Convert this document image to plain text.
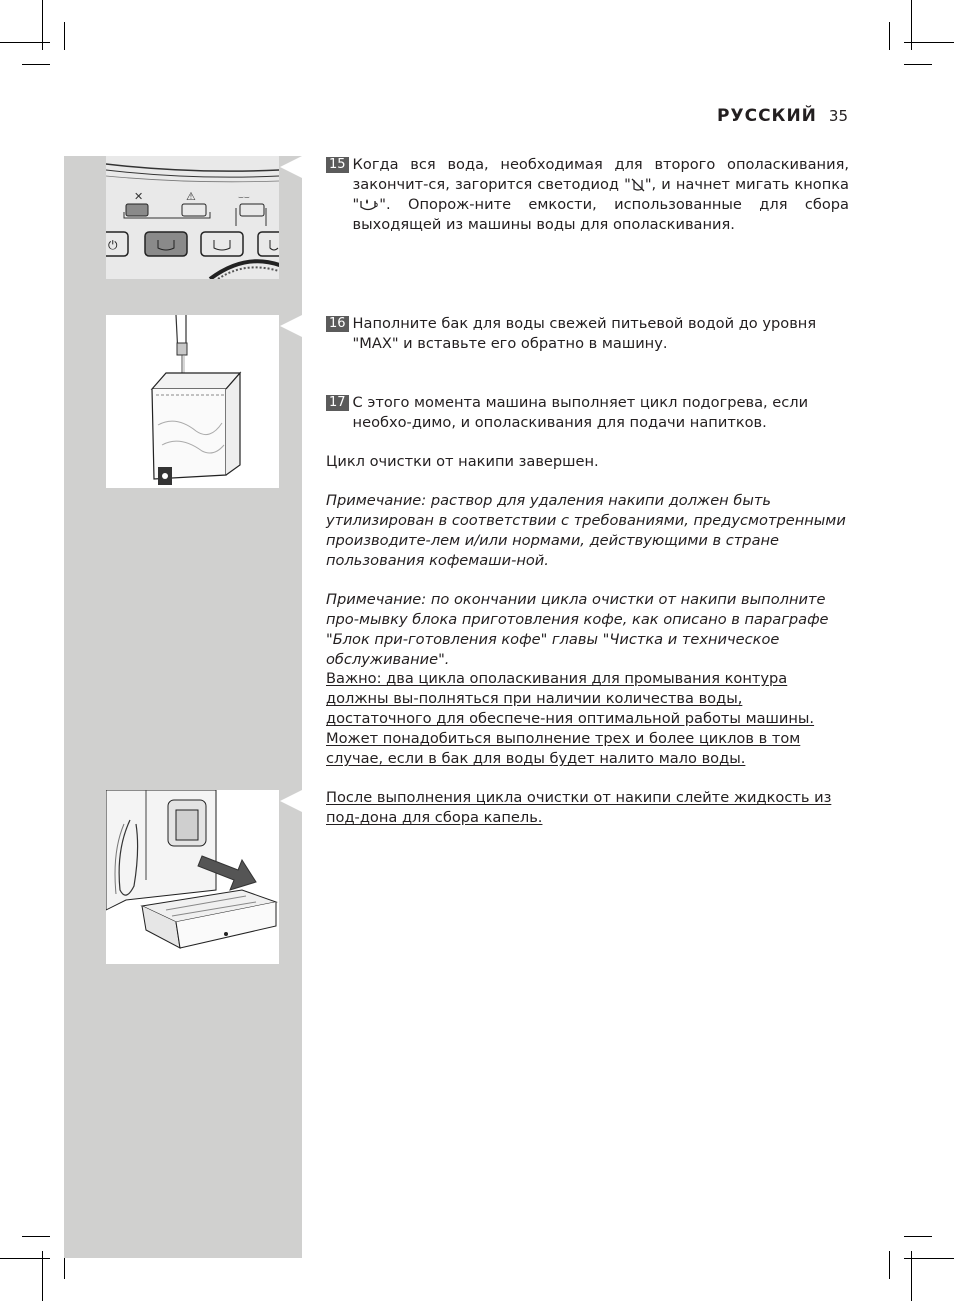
РУССКИЙ 35
✕	⚠	⌣⌣
⏻
15 Когда вся вода, необходимая для второго ополаскивания, закончит-ся, загорится светодиод " ", и начнет мигать кнопка " ". Опорож-ните емкости, использованные для сбора выходящей из машины воды для ополаскивания.
16 Наполните бак для воды свежей питьевой водой до уровня "MAX" и вставьте его обратно в машину.
17 С этого момента машина выполняет цикл подогрева, если необхо-димо, и ополаскивания для подачи напитков.
Цикл очистки от накипи завершен.
Примечание: раствор для удаления накипи должен быть утилизирован в соответствии с требованиями, предусмотренными производите-лем и/или нормами, действующими в стране пользования кофемаши-ной.
Примечание: по окончании цикла очистки от накипи выполните про-мывку блока приготовления кофе, как описано в параграфе "Блок при-готовления кофе" главы "Чистка и техническое обслуживание".
Важно: два цикла ополаскивания для промывания контура должны вы-полняться при наличии количества воды, достаточного для обеспече-ния оптимальной работы машины. Может понадобиться выполнение трех и более циклов в том случае, если в бак для воды будет налито мало воды.
После выполнения цикла очистки от накипи слейте жидкость из под-дона для сбора капель.
